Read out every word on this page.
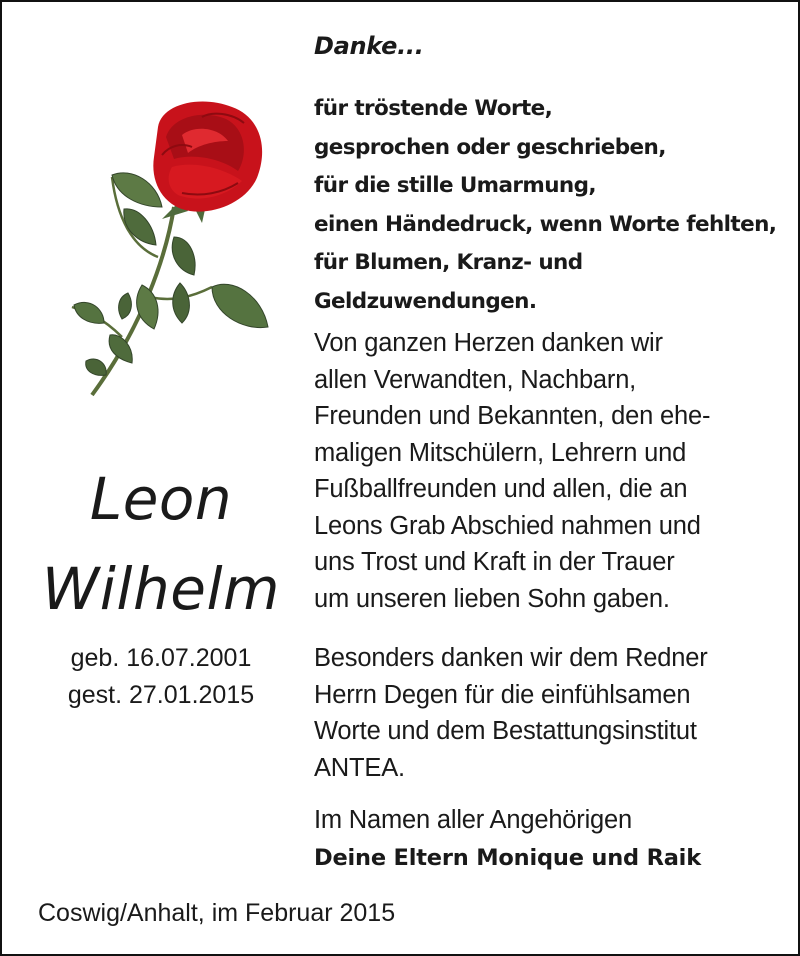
Danke...
für tröstende Worte,
gesprochen oder geschrieben,
für die stille Umarmung,
einen Händedruck, wenn Worte fehlten,
für Blumen, Kranz- und
Geldzuwendungen.
Von ganzen Herzen danken wir
allen Verwandten, Nachbarn,
Freunden und Bekannten, den ehe-
maligen Mitschülern, Lehrern und
Fußballfreunden und allen, die an
Leons Grab Abschied nahmen und
uns Trost und Kraft in der Trauer
um unseren lieben Sohn gaben.
Besonders danken wir dem Redner
Herrn Degen für die einfühlsamen
Worte und dem Bestattungsinstitut
ANTEA.
Im Namen aller Angehörigen
Deine Eltern Monique und Raik
Leon
Wilhelm
geb. 16.07.2001
gest. 27.01.2015
Coswig/Anhalt, im Februar 2015
